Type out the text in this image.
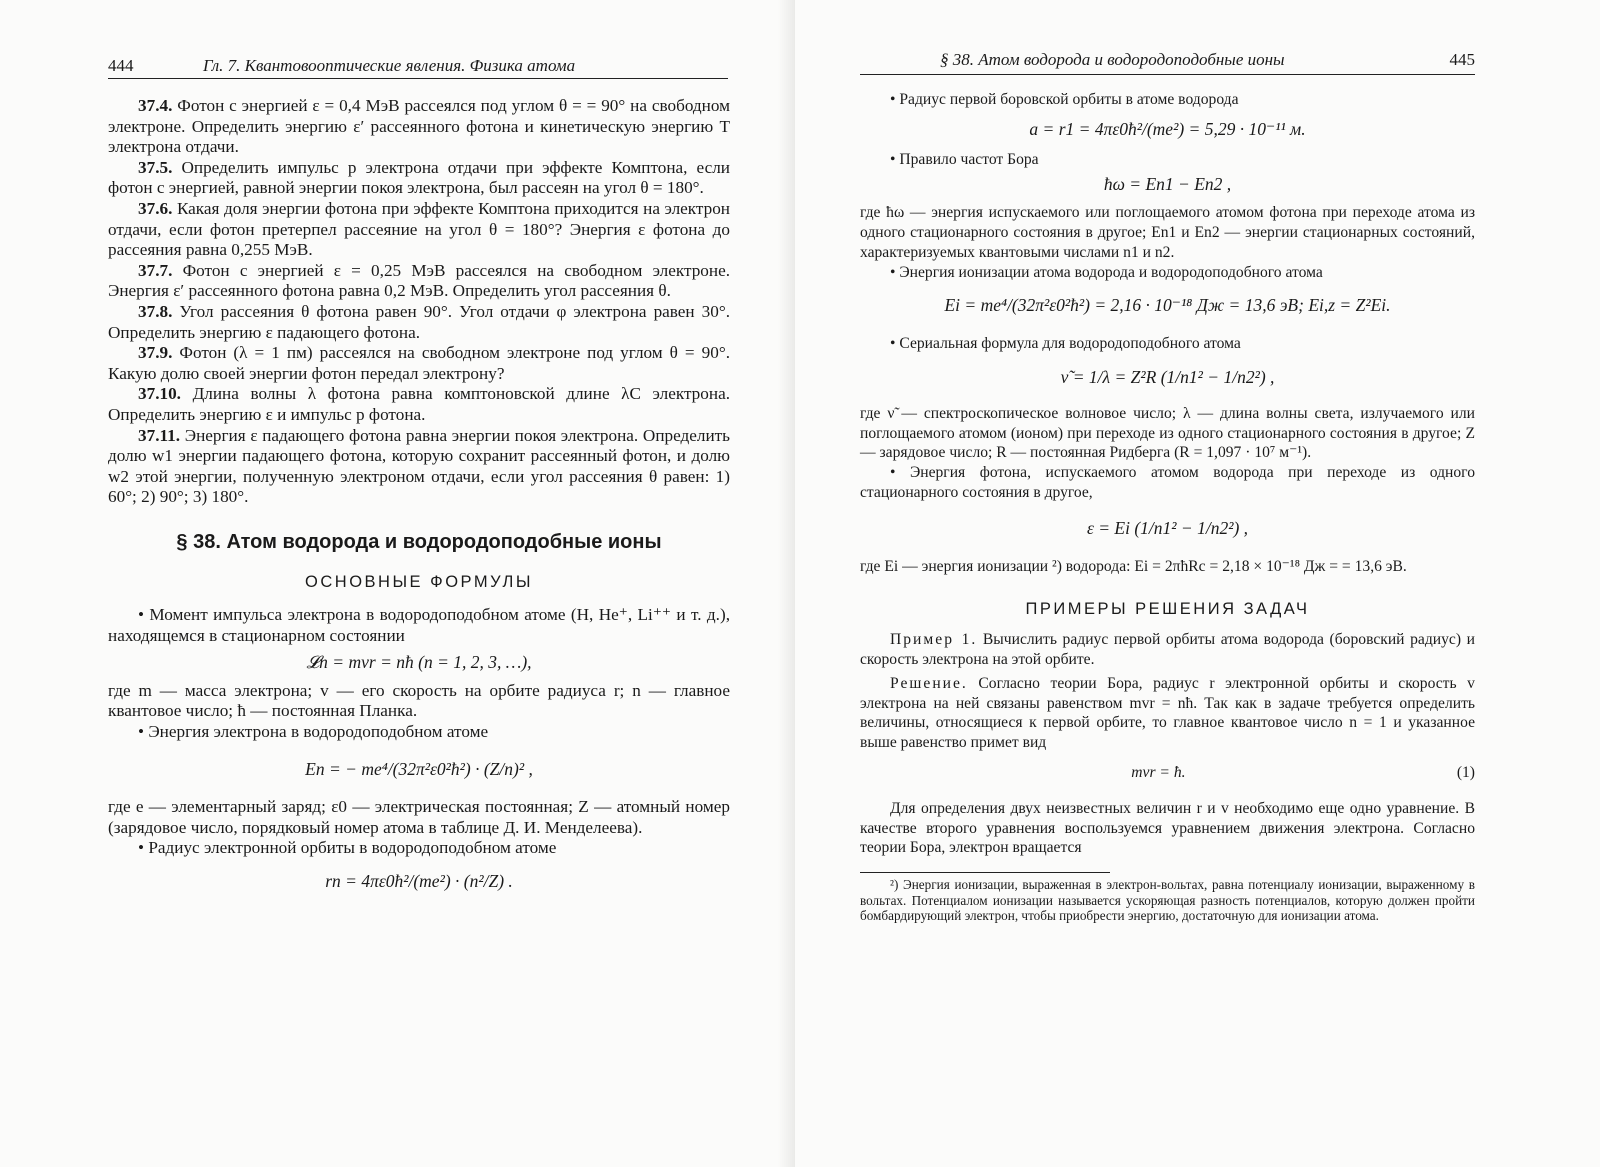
444	Гл. 7. Квантовооптические явления. Физика атома

37.4. Фотон с энергией ε = 0,4 МэВ рассеялся под углом θ = = 90° на свободном электроне. Определить энергию ε′ рассеянного фотона и кинетическую энергию T электрона отдачи.

37.5. Определить импульс p электрона отдачи при эффекте Комптона, если фотон с энергией, равной энергии покоя электрона, был рассеян на угол θ = 180°.

37.6. Какая доля энергии фотона при эффекте Комптона приходится на электрон отдачи, если фотон претерпел рассеяние на угол θ = 180°? Энергия ε фотона до рассеяния равна 0,255 МэВ.

37.7. Фотон с энергией ε = 0,25 МэВ рассеялся на свободном электроне. Энергия ε′ рассеянного фотона равна 0,2 МэВ. Определить угол рассеяния θ.

37.8. Угол рассеяния θ фотона равен 90°. Угол отдачи φ электрона равен 30°. Определить энергию ε падающего фотона.

37.9. Фотон (λ = 1 пм) рассеялся на свободном электроне под углом θ = 90°. Какую долю своей энергии фотон передал электрону?

37.10. Длина волны λ фотона равна комптоновской длине λC электрона. Определить энергию ε и импульс p фотона.

37.11. Энергия ε падающего фотона равна энергии покоя электрона. Определить долю w1 энергии падающего фотона, которую сохранит рассеянный фотон, и долю w2 этой энергии, полученную электроном отдачи, если угол рассеяния θ равен: 1) 60°; 2) 90°; 3) 180°.

§ 38. Атом водорода и водородоподобные ионы
ОСНОВНЫЕ ФОРМУЛЫ

• Момент импульса электрона в водородоподобном атоме (H, He⁺, Li⁺⁺ и т. д.), находящемся в стационарном состоянии

𝓛n = mvr = nħ (n = 1, 2, 3, …),

где m — масса электрона; v — его скорость на орбите радиуса r; n — главное квантовое число; ħ — постоянная Планка.

• Энергия электрона в водородоподобном атоме

En = − me⁴/(32π²ε0²ħ²) · (Z/n)² ,

где e — элементарный заряд; ε0 — электрическая постоянная; Z — атомный номер (зарядовое число, порядковый номер атома в таблице Д. И. Менделеева).

• Радиус электронной орбиты в водородоподобном атоме

rn = 4πε0ħ²/(me²) · (n²/Z) .
§ 38. Атом водорода и водородоподобные ионы	445

• Радиус первой боровской орбиты в атоме водорода

a = r1 = 4πε0ħ²/(me²) = 5,29 · 10⁻¹¹ м.

• Правило частот Бора

ħω = En1 − En2 ,

где ħω — энергия испускаемого или поглощаемого атомом фотона при переходе атома из одного стационарного состояния в другое; En1 и En2 — энергии стационарных состояний, характеризуемых квантовыми числами n1 и n2.

• Энергия ионизации атома водорода и водородоподобного атома

Ei = me⁴/(32π²ε0²ħ²) = 2,16 · 10⁻¹⁸ Дж = 13,6 эВ; Ei,z = Z²Ei.

• Сериальная формула для водородоподобного атома

ν̃ = 1/λ = Z²R (1/n1² − 1/n2²) ,

где ν̃ — спектроскопическое волновое число; λ — длина волны света, излучаемого или поглощаемого атомом (ионом) при переходе из одного стационарного состояния в другое; Z — зарядовое число; R — постоянная Ридберга (R = 1,097 · 10⁷ м⁻¹).

• Энергия фотона, испускаемого атомом водорода при переходе из одного стационарного состояния в другое,

ε = Ei (1/n1² − 1/n2²) ,

где Ei — энергия ионизации ²) водорода: Ei = 2πħRc = 2,18 × 10⁻¹⁸ Дж = = 13,6 эВ.

ПРИМЕРЫ РЕШЕНИЯ ЗАДАЧ

Пример 1. Вычислить радиус первой орбиты атома водорода (боровский радиус) и скорость электрона на этой орбите.

Решение. Согласно теории Бора, радиус r электронной орбиты и скорость v электрона на ней связаны равенством mvr = nħ. Так как в задаче требуется определить величины, относящиеся к первой орбите, то главное квантовое число n = 1 и указанное выше равенство примет вид

mvr = ħ.	(1)

Для определения двух неизвестных величин r и v необходимо еще одно уравнение. В качестве второго уравнения воспользуемся уравнением движения электрона. Согласно теории Бора, электрон вращается

²) Энергия ионизации, выраженная в электрон-вольтах, равна потенциалу ионизации, выраженному в вольтах. Потенциалом ионизации называется ускоряющая разность потенциалов, которую должен пройти бомбардирующий электрон, чтобы приобрести энергию, достаточную для ионизации атома.
